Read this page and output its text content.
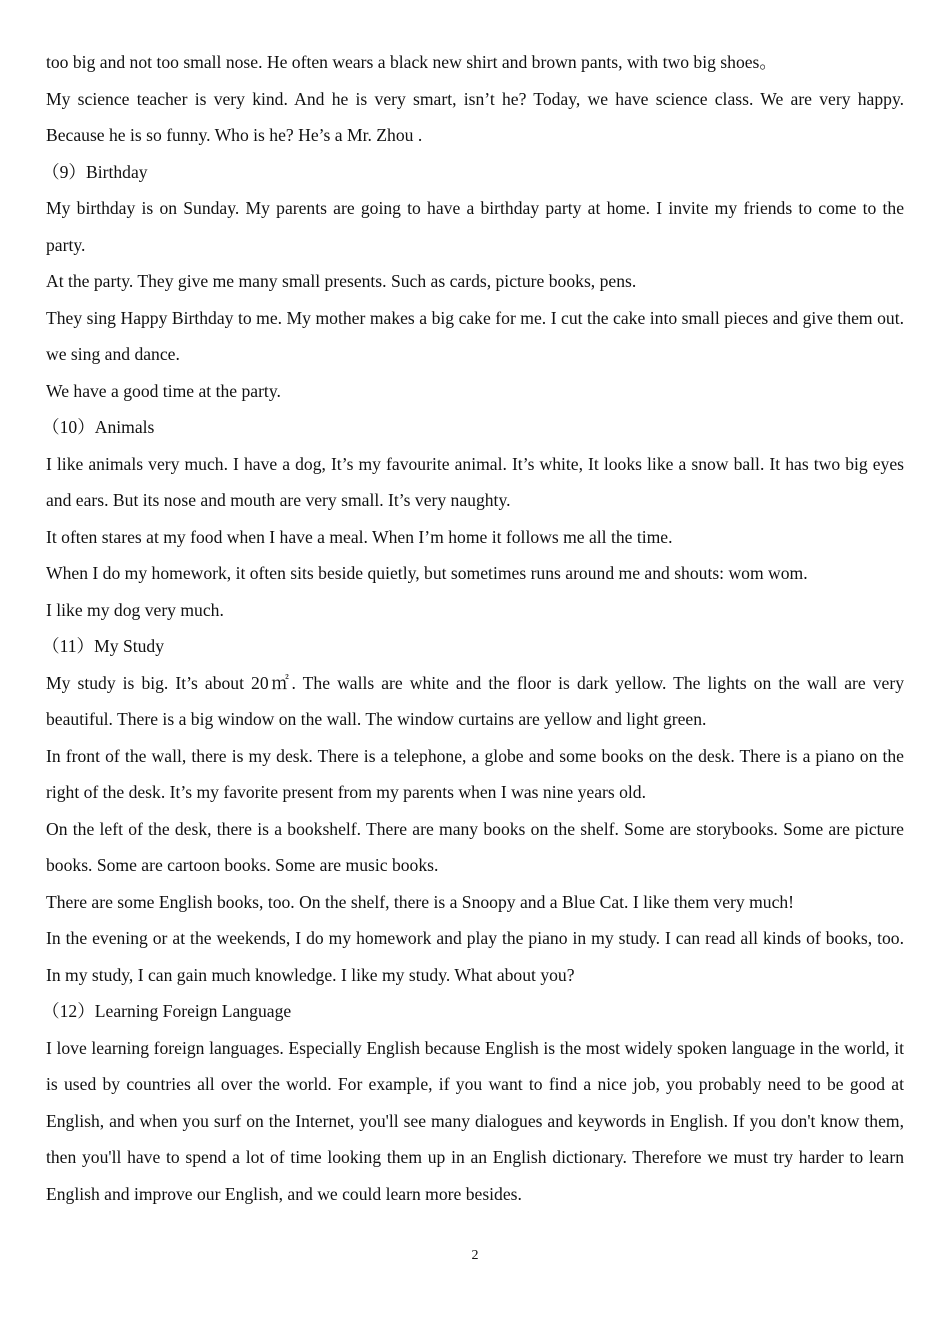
too big and not too small nose. He often wears a black new shirt and brown pants, with two big shoes。

My science teacher is very kind. And he is very smart, isn’t he? Today, we have science class. We are very happy. Because he is so funny. Who is he? He’s a Mr. Zhou .

（9）Birthday

My birthday is on Sunday. My parents are going to have a birthday party at home. I invite my friends to come to the party.

At the party. They give me many small presents. Such as cards, picture books, pens.

They sing Happy Birthday to me. My mother makes a big cake for me. I cut the cake into small pieces and give them out. we sing and dance.

We have a good time at the party.

（10）Animals

I like animals very much. I have a dog, It’s my favourite animal. It’s white, It looks like a snow ball. It has two big eyes and ears. But its nose and mouth are very small. It’s very naughty.

It often stares at my food when I have a meal. When I’m home it follows me all the time.

When I do my homework, it often sits beside quietly, but sometimes runs around me and shouts: wom wom.

I like my dog very much.

（11）My Study

My study is big. It’s about 20㎡. The walls are white and the floor is dark yellow. The lights on the wall are very beautiful. There is a big window on the wall. The window curtains are yellow and light green.

In front of the wall, there is my desk. There is a telephone, a globe and some books on the desk. There is a piano on the right of the desk. It’s my favorite present from my parents when I was nine years old.

On the left of the desk, there is a bookshelf. There are many books on the shelf. Some are storybooks. Some are picture books. Some are cartoon books. Some are music books.

There are some English books, too. On the shelf, there is a Snoopy and a Blue Cat. I like them very much!

In the evening or at the weekends, I do my homework and play the piano in my study. I can read all kinds of books, too. In my study, I can gain much knowledge. I like my study. What about you?

（12）Learning Foreign Language

I love learning foreign languages. Especially English because English is the most widely spoken language in the world, it is used by countries all over the world. For example, if you want to find a nice job, you probably need to be good at English, and when you surf on the Internet, you'll see many dialogues and keywords in English. If you don't know them, then you'll have to spend a lot of time looking them up in an English dictionary. Therefore we must try harder to learn English and improve our English, and we could learn more besides.

2
